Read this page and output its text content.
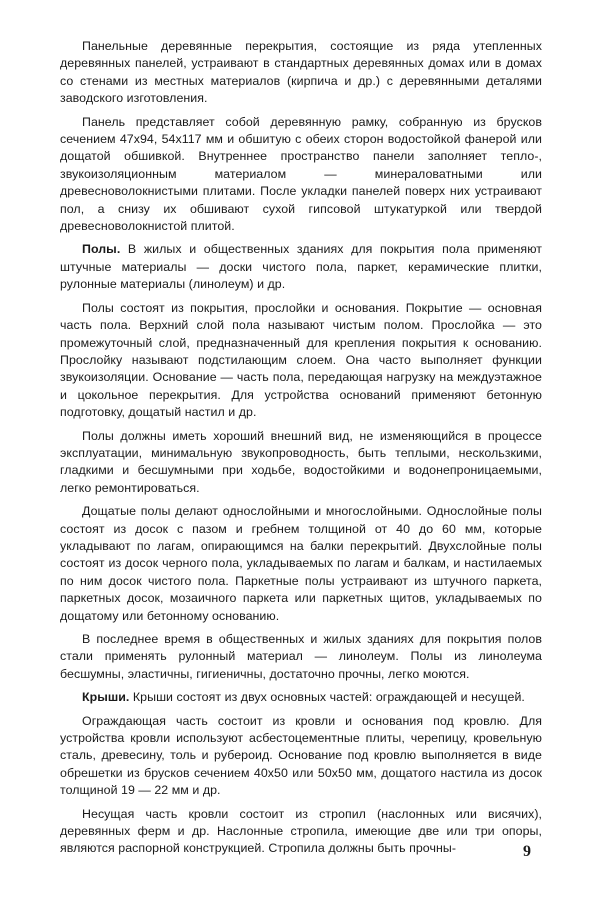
Панельные деревянные перекрытия, состоящие из ряда утепленных деревянных панелей, устраивают в стандартных деревянных домах или в домах со стенами из местных материалов (кирпича и др.) с деревянными деталями заводского изготовления.

Панель представляет собой деревянную рамку, собранную из брусков сечением 47х94, 54х117 мм и обшитую с обеих сторон водостойкой фанерой или дощатой обшивкой. Внутреннее пространство панели заполняет тепло-, звукоизоляционным материалом — минераловатными или древесноволокнистыми плитами. После укладки панелей поверх них устраивают пол, а снизу их обшивают сухой гипсовой штукатуркой или твердой древесноволокнистой плитой.

Полы. В жилых и общественных зданиях для покрытия пола применяют штучные материалы — доски чистого пола, паркет, керамические плитки, рулонные материалы (линолеум) и др.

Полы состоят из покрытия, прослойки и основания. Покрытие — основная часть пола. Верхний слой пола называют чистым полом. Прослойка — это промежуточный слой, предназначенный для крепления покрытия к основанию. Прослойку называют подстилающим слоем. Она часто выполняет функции звукоизоляции. Основание — часть пола, передающая нагрузку на междуэтажное и цокольное перекрытия. Для устройства оснований применяют бетонную подготовку, дощатый настил и др.

Полы должны иметь хороший внешний вид, не изменяющийся в процессе эксплуатации, минимальную звукопроводность, быть теплыми, нескользкими, гладкими и бесшумными при ходьбе, водостойкими и водонепроницаемыми, легко ремонтироваться.

Дощатые полы делают однослойными и многослойными. Однослойные полы состоят из досок с пазом и гребнем толщиной от 40 до 60 мм, которые укладывают по лагам, опирающимся на балки перекрытий. Двухслойные полы состоят из досок черного пола, укладываемых по лагам и балкам, и настилаемых по ним досок чистого пола. Паркетные полы устраивают из штучного паркета, паркетных досок, мозаичного паркета или паркетных щитов, укладываемых по дощатому или бетонному основанию.

В последнее время в общественных и жилых зданиях для покрытия полов стали применять рулонный материал — линолеум. Полы из линолеума бесшумны, эластичны, гигиеничны, достаточно прочны, легко моются.

Крыши. Крыши состоят из двух основных частей: ограждающей и несущей.

Ограждающая часть состоит из кровли и основания под кровлю. Для устройства кровли используют асбестоцементные плиты, черепицу, кровельную сталь, древесину, толь и рубероид. Основание под кровлю выполняется в виде обрешетки из брусков сечением 40х50 или 50х50 мм, дощатого настила из досок толщиной 19 — 22 мм и др.

Несущая часть кровли состоит из стропил (наслонных или висячих), деревянных ферм и др. Наслонные стропила, имеющие две или три опоры, являются распорной конструкцией. Стропила должны быть прочны-	9
